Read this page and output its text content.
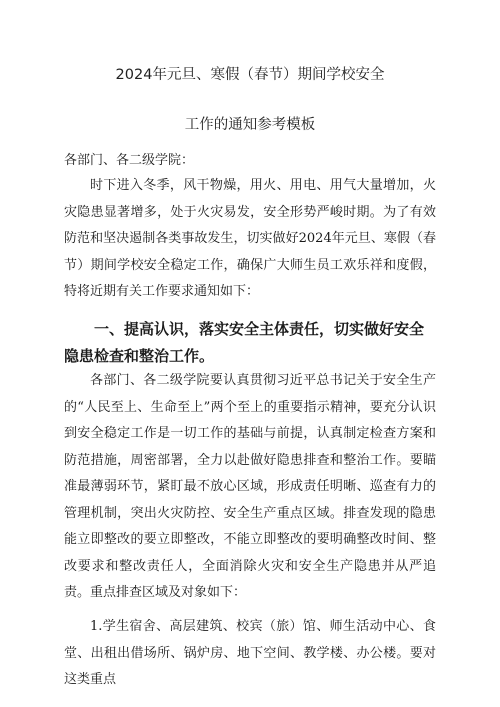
2024年元旦、寒假（春节）期间学校安全
工作的通知参考模板
各部门、各二级学院：

时下进入冬季，风干物燥，用火、用电、用气大量增加，火灾隐患显著增多，处于火灾易发，安全形势严峻时期。为了有效防范和坚决遏制各类事故发生，切实做好2024年元旦、寒假（春节）期间学校安全稳定工作，确保广大师生员工欢乐祥和度假，特将近期有关工作要求通知如下：

一、提高认识，落实安全主体责任，切实做好安全隐患检查和整治工作。

各部门、各二级学院要认真贯彻习近平总书记关于安全生产的“人民至上、生命至上”两个至上的重要指示精神，要充分认识到安全稳定工作是一切工作的基础与前提，认真制定检查方案和防范措施，周密部署，全力以赴做好隐患排查和整治工作。要瞄准最薄弱环节，紧盯最不放心区域，形成责任明晰、巡查有力的管理机制，突出火灾防控、安全生产重点区域。排查发现的隐患能立即整改的要立即整改，不能立即整改的要明确整改时间、整改要求和整改责任人，全面消除火灾和安全生产隐患并从严追责。重点排查区域及对象如下：

1.学生宿舍、高层建筑、校宾（旅）馆、师生活动中心、食堂、出租出借场所、锅炉房、地下空间、教学楼、办公楼。要对这类重点
